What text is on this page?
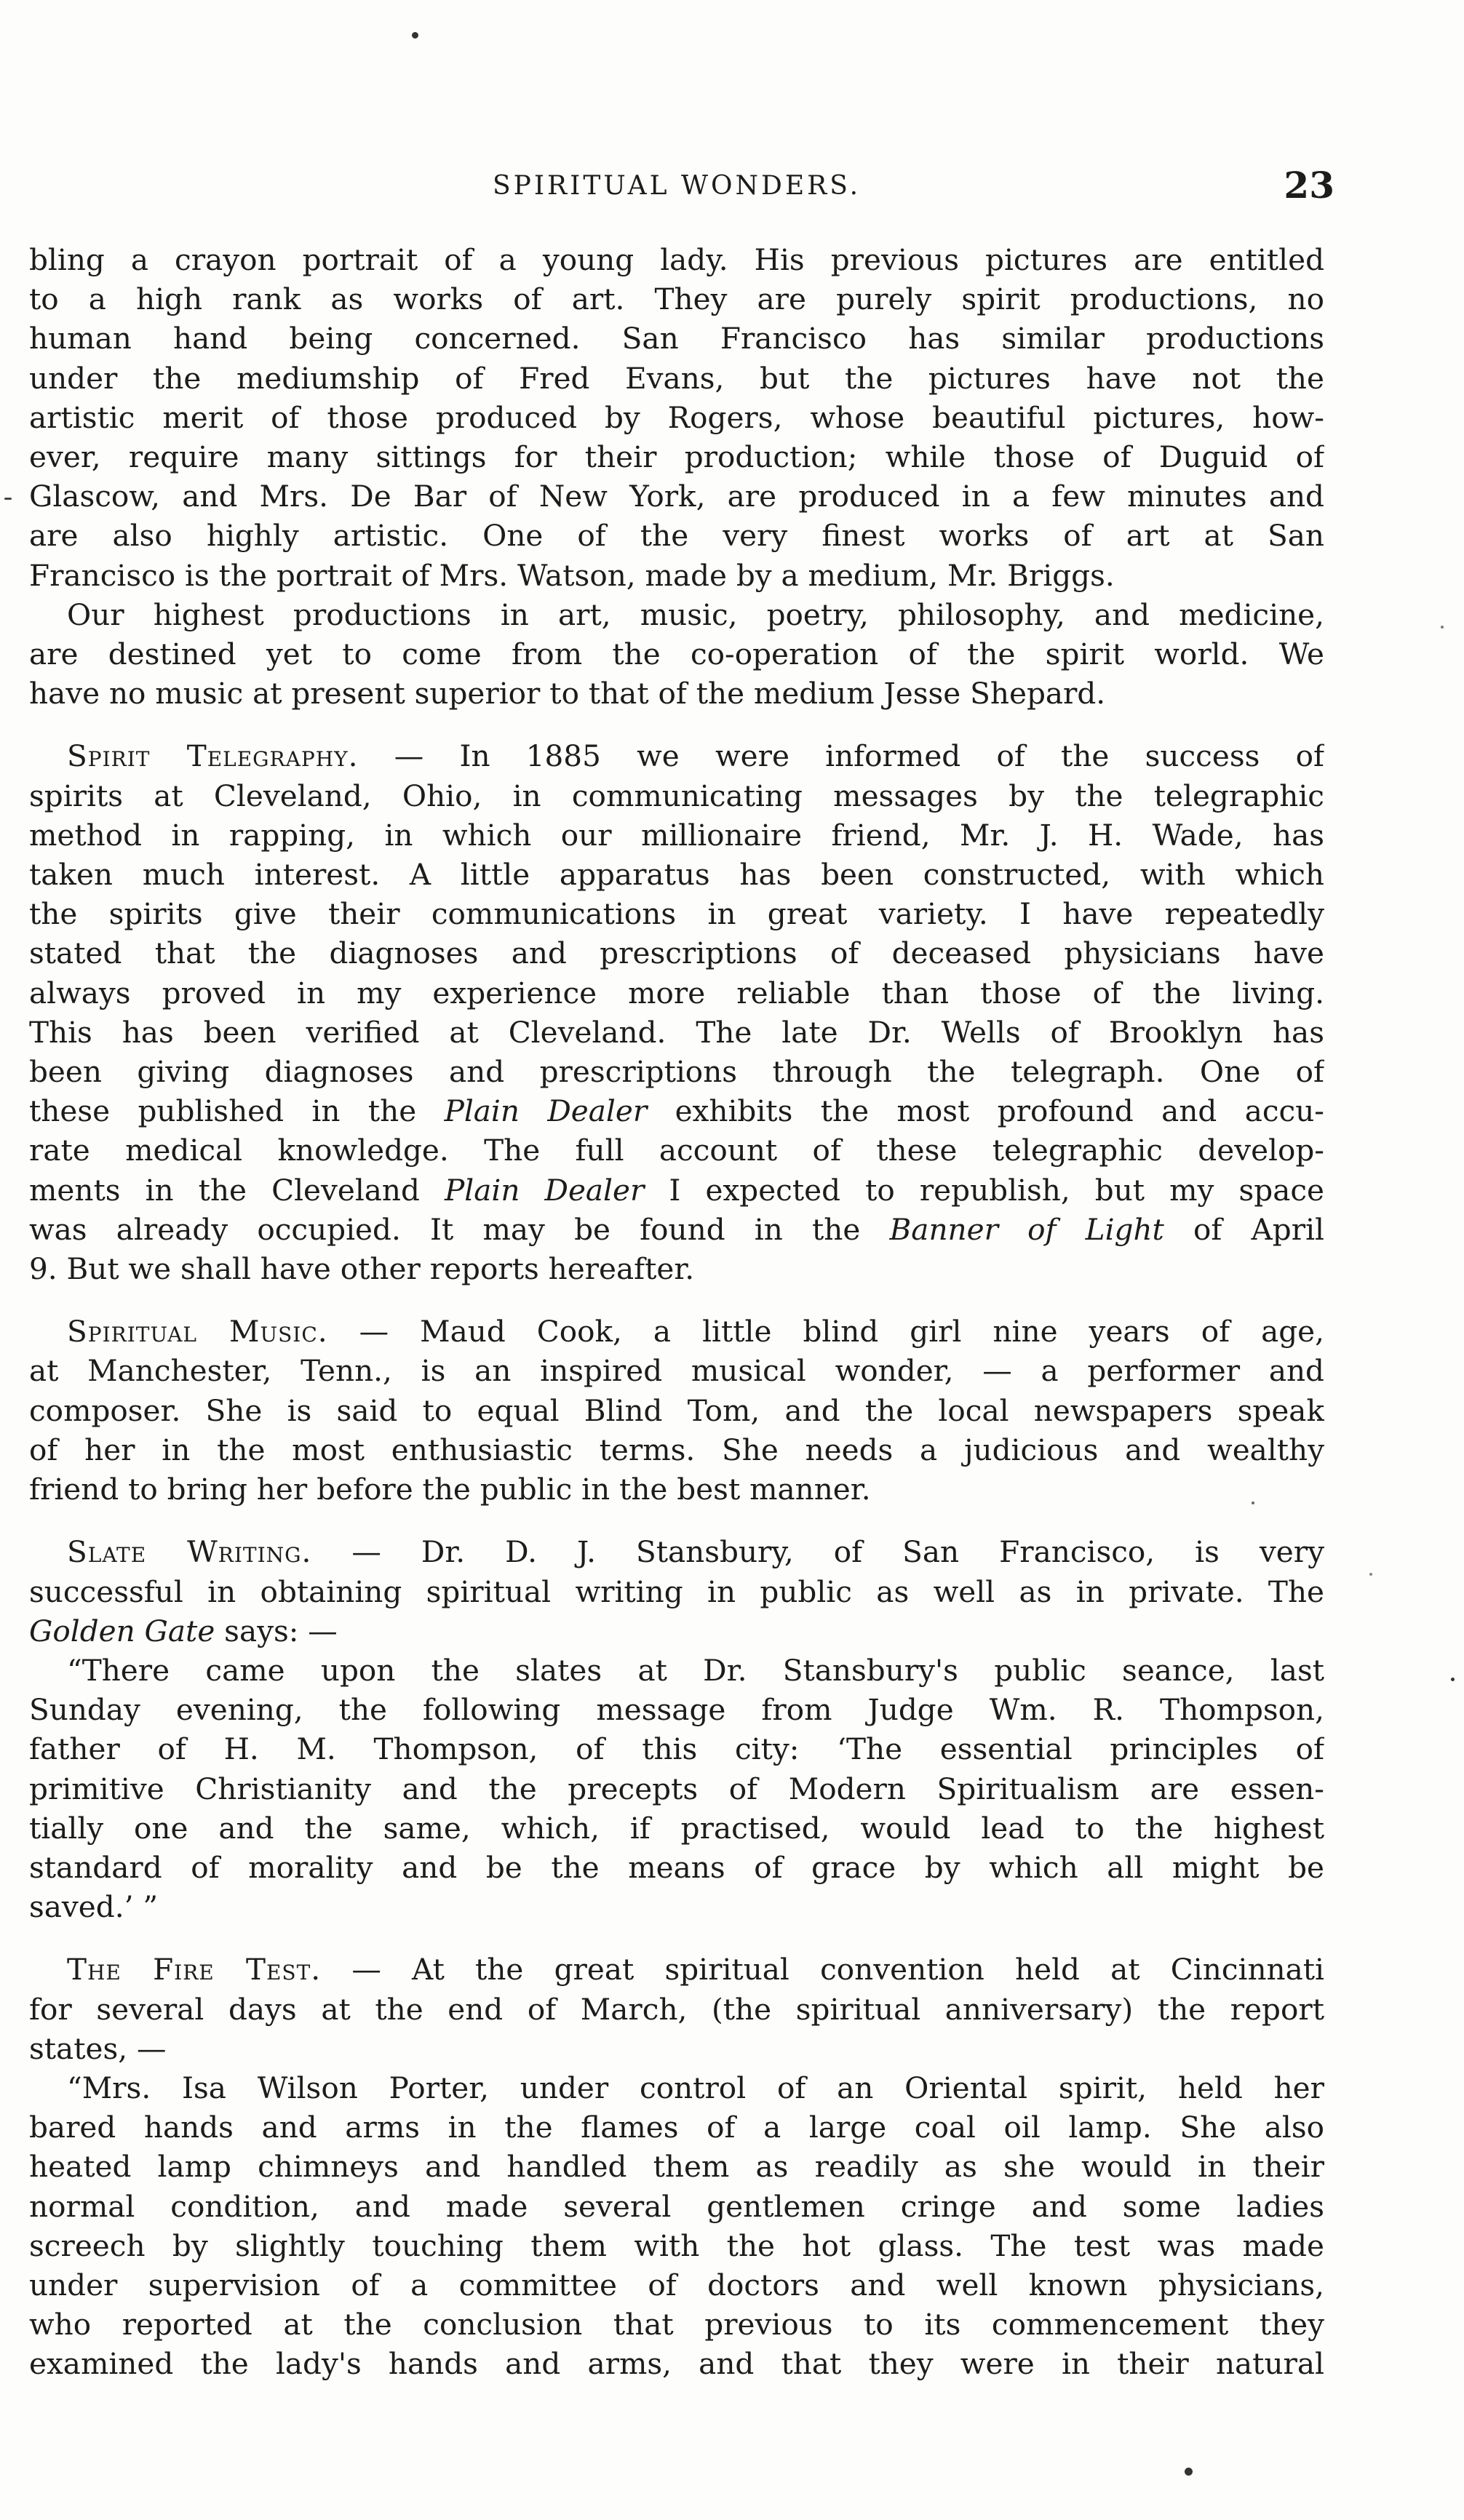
SPIRITUAL WONDERS.	23
bling a crayon portrait of a young lady. His previous pictures are entitled
to a high rank as works of art. They are purely spirit productions, no
human hand being concerned. San Francisco has similar productions
under the mediumship of Fred Evans, but the pictures have not the
artistic merit of those produced by Rogers, whose beautiful pictures, how-
ever, require many sittings for their production; while those of Duguid of
Glascow, and Mrs. De Bar of New York, are produced in a few minutes and
are also highly artistic. One of the very finest works of art at San
Francisco is the portrait of Mrs. Watson, made by a medium, Mr. Briggs.
Our highest productions in art, music, poetry, philosophy, and medicine,
are destined yet to come from the co-operation of the spirit world. We
have no music at present superior to that of the medium Jesse Shepard.
Spirit Telegraphy. — In 1885 we were informed of the success of
spirits at Cleveland, Ohio, in communicating messages by the telegraphic
method in rapping, in which our millionaire friend, Mr. J. H. Wade, has
taken much interest. A little apparatus has been constructed, with which
the spirits give their communications in great variety. I have repeatedly
stated that the diagnoses and prescriptions of deceased physicians have
always proved in my experience more reliable than those of the living.
This has been verified at Cleveland. The late Dr. Wells of Brooklyn has
been giving diagnoses and prescriptions through the telegraph. One of
these published in the Plain Dealer exhibits the most profound and accu-
rate medical knowledge. The full account of these telegraphic develop-
ments in the Cleveland Plain Dealer I expected to republish, but my space
was already occupied. It may be found in the Banner of Light of April
9. But we shall have other reports hereafter.
Spiritual Music. — Maud Cook, a little blind girl nine years of age,
at Manchester, Tenn., is an inspired musical wonder, — a performer and
composer. She is said to equal Blind Tom, and the local newspapers speak
of her in the most enthusiastic terms. She needs a judicious and wealthy
friend to bring her before the public in the best manner.
Slate Writing. — Dr. D. J. Stansbury, of San Francisco, is very
successful in obtaining spiritual writing in public as well as in private. The
Golden Gate says: —
“There came upon the slates at Dr. Stansbury's public seance, last
Sunday evening, the following message from Judge Wm. R. Thompson,
father of H. M. Thompson, of this city: ‘The essential principles of
primitive Christianity and the precepts of Modern Spiritualism are essen-
tially one and the same, which, if practised, would lead to the highest
standard of morality and be the means of grace by which all might be
saved.’ ”
The Fire Test. — At the great spiritual convention held at Cincinnati
for several days at the end of March, (the spiritual anniversary) the report
states, —
“Mrs. Isa Wilson Porter, under control of an Oriental spirit, held her
bared hands and arms in the flames of a large coal oil lamp. She also
heated lamp chimneys and handled them as readily as she would in their
normal condition, and made several gentlemen cringe and some ladies
screech by slightly touching them with the hot glass. The test was made
under supervision of a committee of doctors and well known physicians,
who reported at the conclusion that previous to its commencement they
examined the lady's hands and arms, and that they were in their natural
